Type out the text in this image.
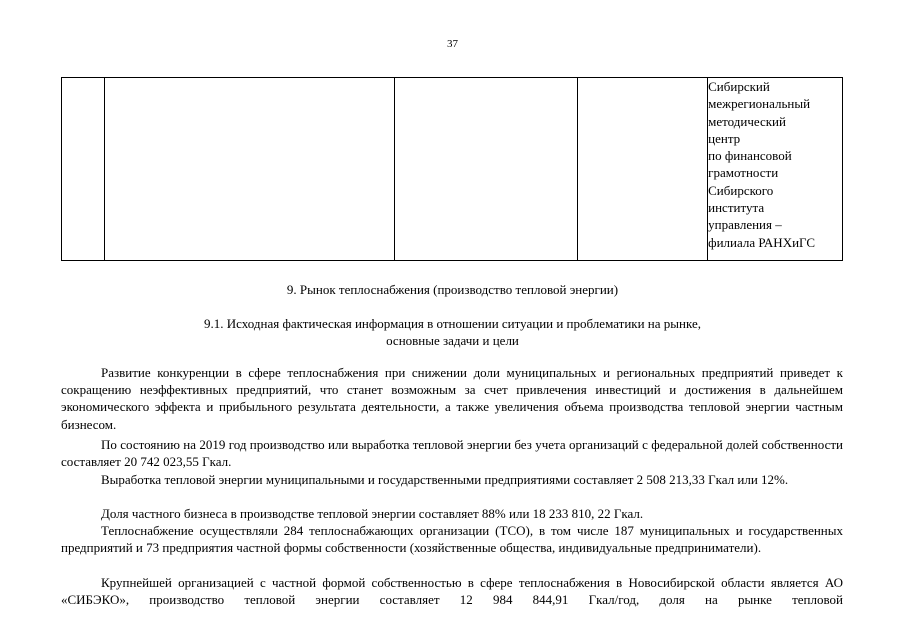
37

Сибирский
межрегиональный
методический
центр
по финансовой
грамотности
Сибирского
института
управления –
филиала РАНХиГС
9. Рынок теплоснабжения (производство тепловой энергии)
9.1. Исходная фактическая информация в отношении ситуации и проблематики на рынке,
основные задачи и цели

Развитие конкуренции в сфере теплоснабжения при снижении доли муниципальных и региональных предприятий приведет к сокращению неэффективных предприятий, что станет возможным за счет привлечения инвестиций и достижения в дальнейшем экономического эффекта и прибыльного результата деятельности, а также увеличения объема производства тепловой энергии частным бизнесом.

По состоянию на 2019 год производство или выработка тепловой энергии без учета организаций с федеральной долей собственности составляет 20 742 023,55 Гкал.

Выработка тепловой энергии муниципальными и государственными предприятиями составляет 2 508 213,33 Гкал или 12%.

Доля частного бизнеса в производстве тепловой энергии составляет 88% или 18 233 810, 22 Гкал.

Теплоснабжение осуществляли 284 теплоснабжающих организации (ТСО), в том числе 187 муниципальных и государственных предприятий и 73 предприятия частной формы собственности (хозяйственные общества, индивидуальные предприниматели).

Крупнейшей организацией с частной формой собственностью в сфере теплоснабжения в Новосибирской области является АО «СИБЭКО», производство тепловой энергии составляет 12 984 844,91 Гкал/год, доля на рынке тепловой
